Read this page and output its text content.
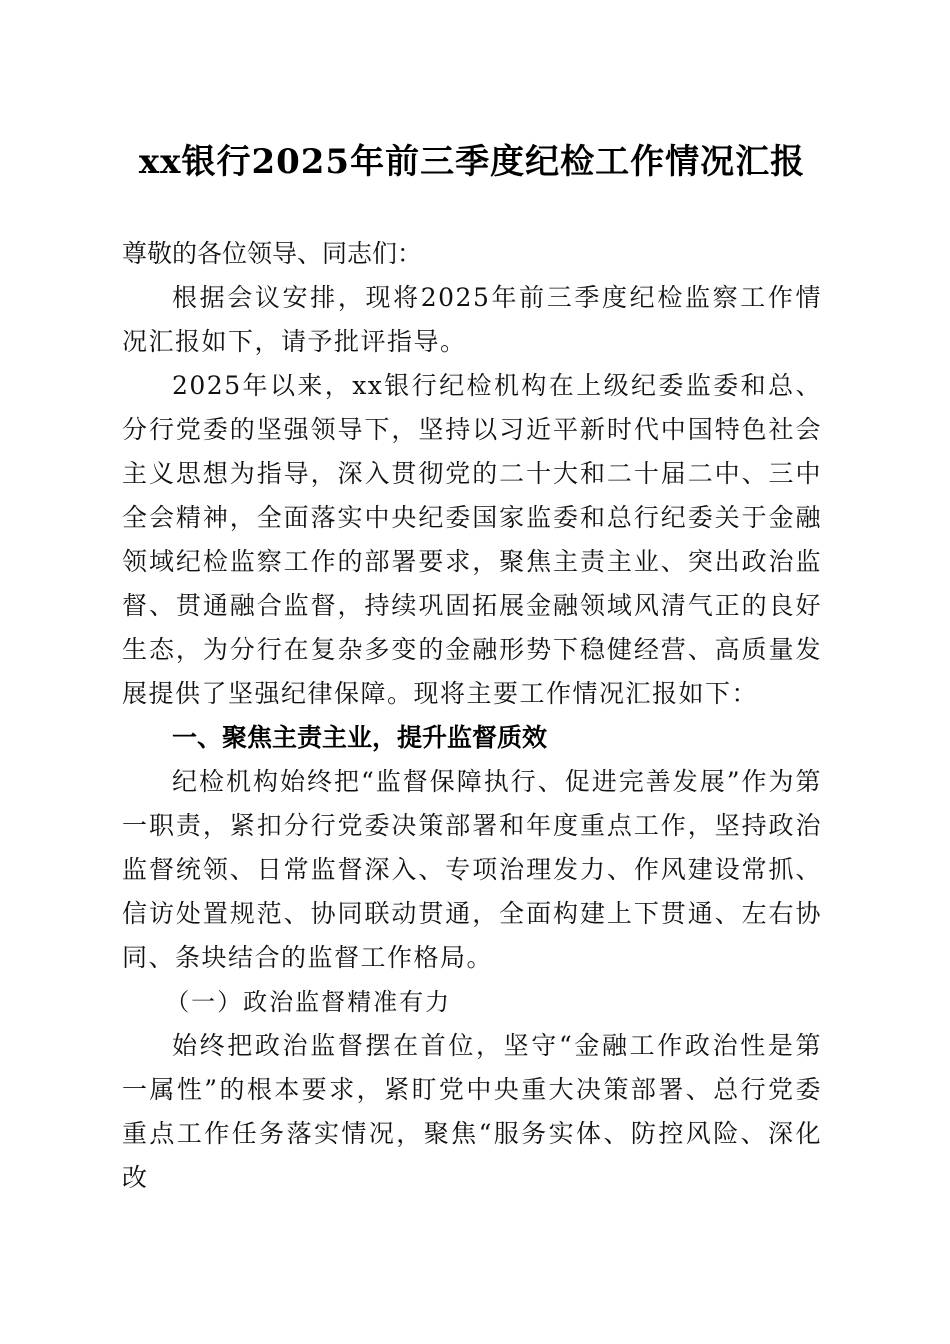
xx银行2025年前三季度纪检工作情况汇报

尊敬的各位领导、同志们：

根据会议安排，现将2025年前三季度纪检监察工作情况汇报如下，请予批评指导。

2025年以来，xx银行纪检机构在上级纪委监委和总、分行党委的坚强领导下，坚持以习近平新时代中国特色社会主义思想为指导，深入贯彻党的二十大和二十届二中、三中全会精神，全面落实中央纪委国家监委和总行纪委关于金融领域纪检监察工作的部署要求，聚焦主责主业、突出政治监督、贯通融合监督，持续巩固拓展金融领域风清气正的良好生态，为分行在复杂多变的金融形势下稳健经营、高质量发展提供了坚强纪律保障。现将主要工作情况汇报如下：

一、聚焦主责主业，提升监督质效

纪检机构始终把“监督保障执行、促进完善发展”作为第一职责，紧扣分行党委决策部署和年度重点工作，坚持政治监督统领、日常监督深入、专项治理发力、作风建设常抓、信访处置规范、协同联动贯通，全面构建上下贯通、左右协同、条块结合的监督工作格局。

（一）政治监督精准有力

始终把政治监督摆在首位，坚守“金融工作政治性是第一属性”的根本要求，紧盯党中央重大决策部署、总行党委重点工作任务落实情况，聚焦“服务实体、防控风险、深化改
